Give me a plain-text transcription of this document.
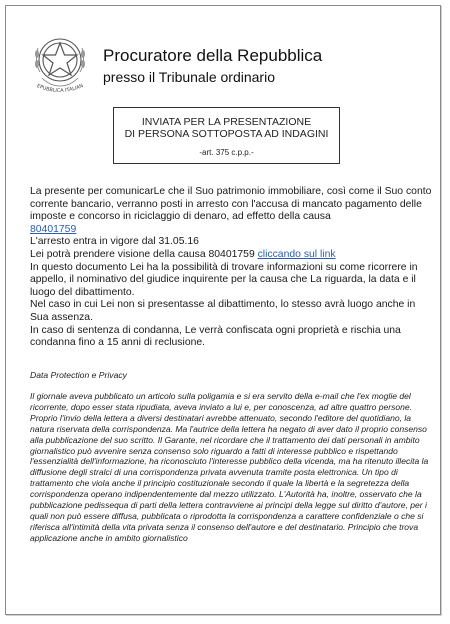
EPUBBLICA ITALIAN
Procuratore della Repubblica
presso il Tribunale ordinario
INVIATA PER LA PRESENTAZIONE
DI PERSONA SOTTOPOSTA AD INDAGINI
-art. 375 c.p.p.-

La presente per comunicarLe che il Suo patrimonio immobiliare, così come il Suo conto corrente bancario, verranno posti in arresto con l'accusa di mancato pagamento delle imposte e concorso in riciclaggio di denaro, ad effetto della causa

80401759

L'arresto entra in vigore dal 31.05.16

Lei potrà prendere visione della causa 80401759 cliccando sul link

In questo documento Lei ha la possibilità di trovare informazioni su come ricorrere in appello, il nominativo del giudice inquirente per la causa che La riguarda, la data e il luogo del dibattimento.

Nel caso in cui Lei non si presentasse al dibattimento, lo stesso avrà luogo anche in Sua assenza.

In caso di sentenza di condanna, Le verrà confiscata ogni proprietà e rischia una condanna fino a 15 anni di reclusione.

Data Protection e Privacy
Il giornale aveva pubblicato un articolo sulla poligamia e si era servito della e-mail che l'ex moglie del ricorrente, dopo esser stata ripudiata, aveva inviato a lui e, per conoscenza, ad altre quattro persone. Proprio l'invio della lettera a diversi destinatari avrebbe attenuato, secondo l'editore del quotidiano, la natura riservata della corrispondenza. Ma l'autrice della lettera ha negato di aver dato il proprio consenso alla pubblicazione del suo scritto. Il Garante, nel ricordare che il trattamento dei dati personali in ambito giornalistico può avvenire senza consenso solo riguardo a fatti di interesse pubblico e rispettando l'essenzialità dell'informazione, ha riconosciuto l'interesse pubblico della vicenda, ma ha ritenuto illecita la diffusione degli stralci di una corrispondenza privata avvenuta tramite posta elettronica. Un tipo di trattamento che viola anche il principio costituzionale secondo il quale la libertà e la segretezza della corrispondenza operano indipendentemente dal mezzo utilizzato. L'Autorità ha, inoltre, osservato che la pubblicazione pedissequa di parti della lettera contravviene ai principi della legge sul diritto d'autore, per i quali non può essere diffusa, pubblicata o riprodotta la corrispondenza a carattere confidenziale o che si riferisca all'intimità della vita privata senza il consenso dell'autore e del destinatario. Principio che trova applicazione anche in ambito giornalistico
